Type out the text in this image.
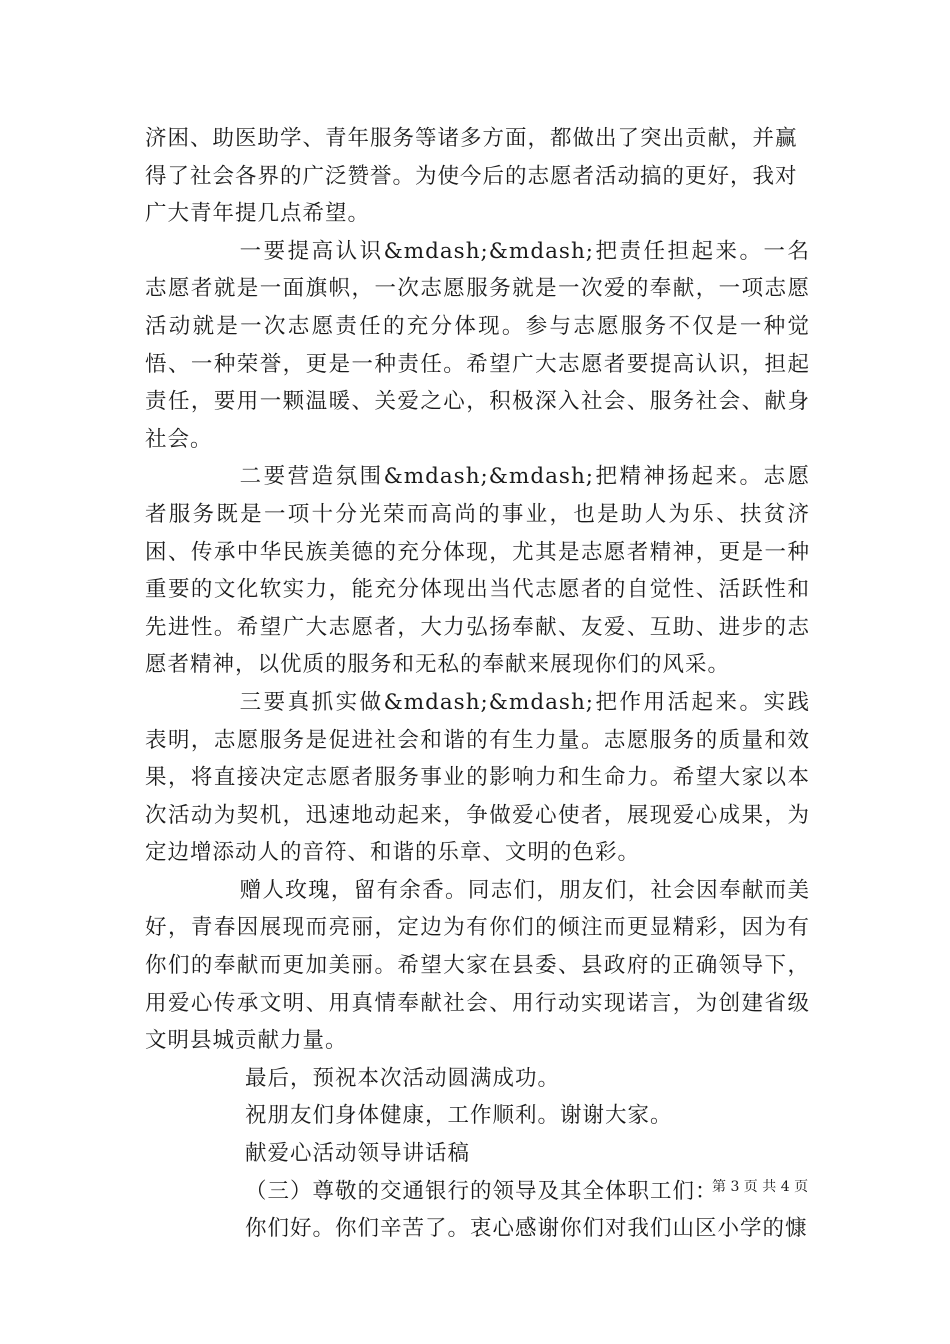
济困、助医助学、青年服务等诸多方面，都做出了突出贡献，并赢得了社会各界的广泛赞誉。为使今后的志愿者活动搞的更好，我对广大青年提几点希望。

一要提高认识&mdash;&mdash;把责任担起来。一名志愿者就是一面旗帜，一次志愿服务就是一次爱的奉献，一项志愿活动就是一次志愿责任的充分体现。参与志愿服务不仅是一种觉悟、一种荣誉，更是一种责任。希望广大志愿者要提高认识，担起责任，要用一颗温暖、关爱之心，积极深入社会、服务社会、献身社会。

二要营造氛围&mdash;&mdash;把精神扬起来。志愿者服务既是一项十分光荣而高尚的事业，也是助人为乐、扶贫济困、传承中华民族美德的充分体现，尤其是志愿者精神，更是一种重要的文化软实力，能充分体现出当代志愿者的自觉性、活跃性和先进性。希望广大志愿者，大力弘扬奉献、友爱、互助、进步的志愿者精神，以优质的服务和无私的奉献来展现你们的风采。

三要真抓实做&mdash;&mdash;把作用活起来。实践表明，志愿服务是促进社会和谐的有生力量。志愿服务的质量和效果，将直接决定志愿者服务事业的影响力和生命力。希望大家以本次活动为契机，迅速地动起来，争做爱心使者，展现爱心成果，为定边增添动人的音符、和谐的乐章、文明的色彩。

赠人玫瑰，留有余香。同志们，朋友们，社会因奉献而美好，青春因展现而亮丽，定边为有你们的倾注而更显精彩，因为有你们的奉献而更加美丽。希望大家在县委、县政府的正确领导下，用爱心传承文明、用真情奉献社会、用行动实现诺言，为创建省级文明县城贡献力量。

最后，预祝本次活动圆满成功。

祝朋友们身体健康，工作顺利。谢谢大家。

献爱心活动领导讲话稿

（三）尊敬的交通银行的领导及其全体职工们：

你们好。你们辛苦了。衷心感谢你们对我们山区小学的慷

第 3 页 共 4 页
